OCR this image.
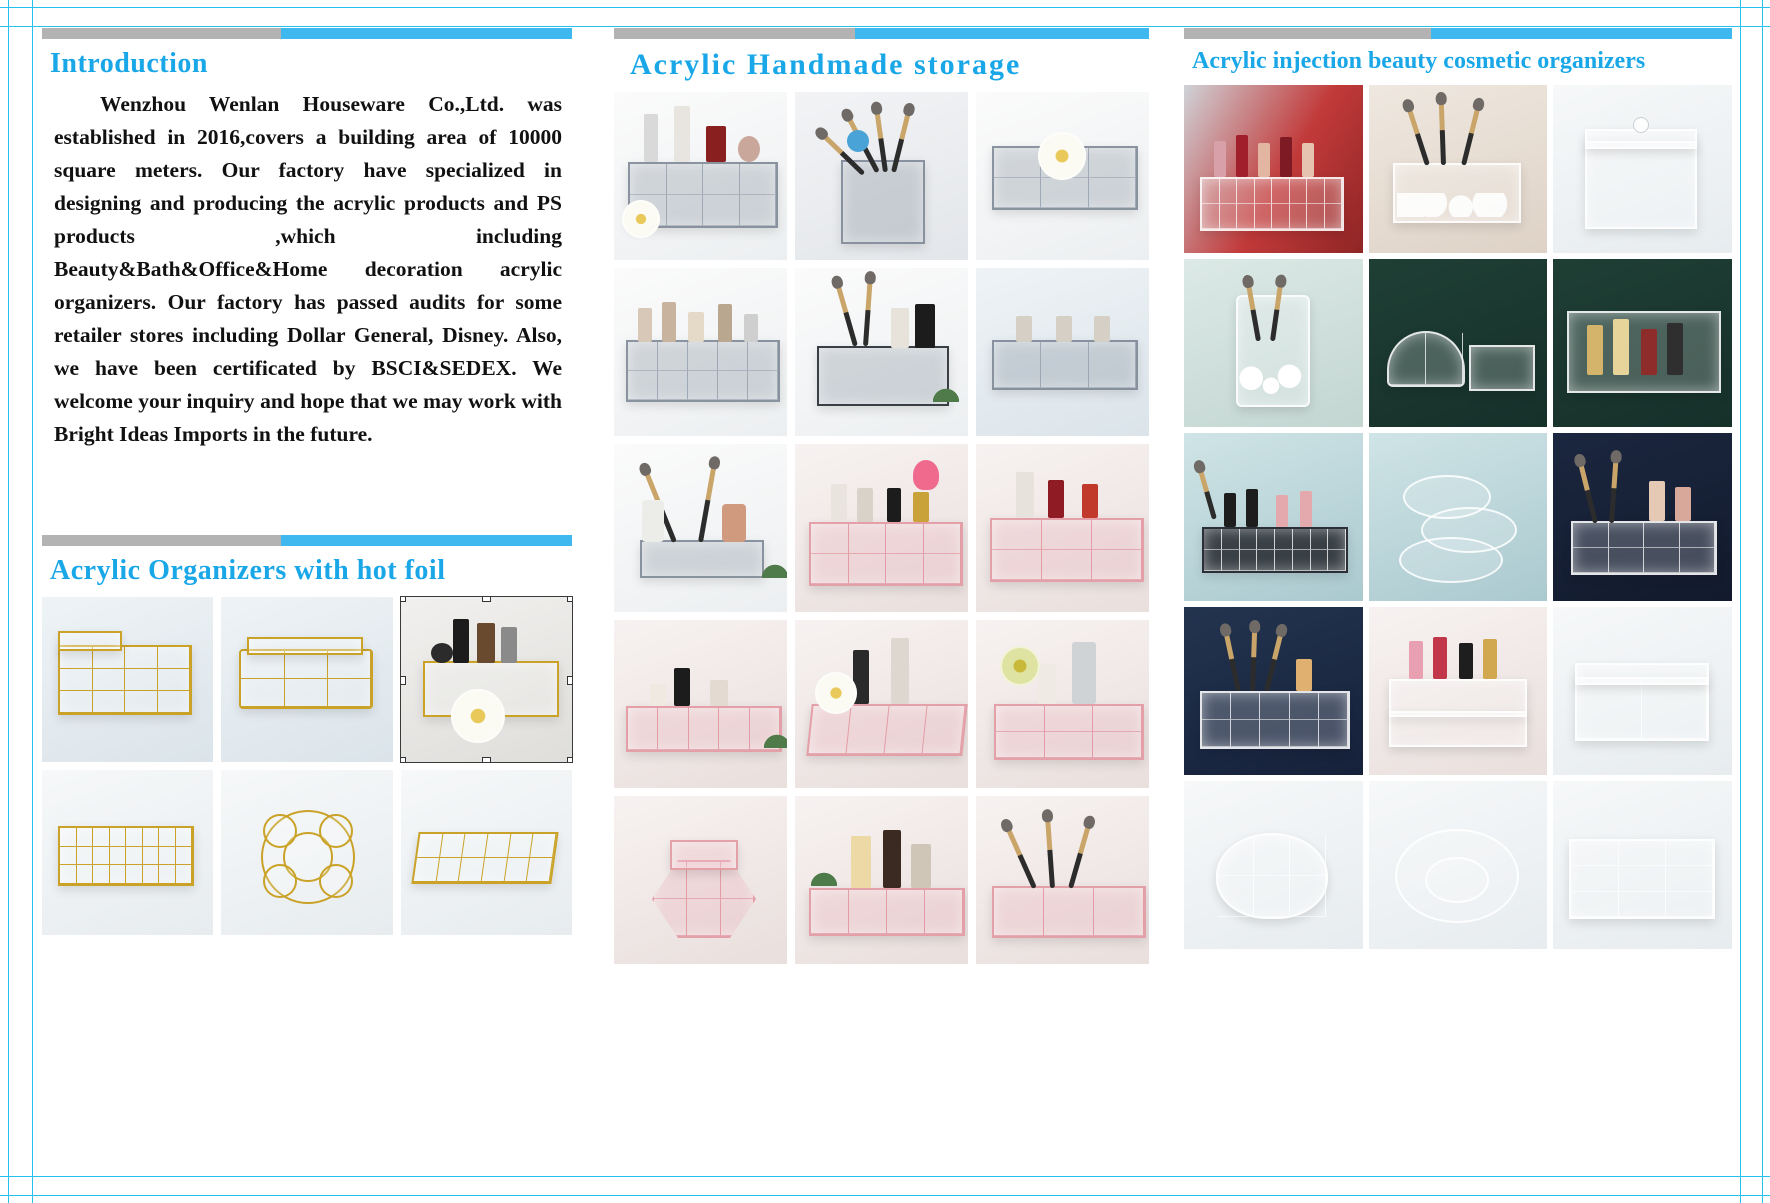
Introduction
Wenzhou Wenlan Houseware Co.,Ltd. was established in 2016,covers a building area of 10000 square meters. Our factory have specialized in designing and producing the acrylic products and PS products ,which including Beauty&Bath&Office&Home decoration acrylic organizers. Our factory has passed audits for some retailer stores including Dollar General, Disney. Also, we have been certificated by BSCI&SEDEX. We welcome your inquiry and hope that we may work with Bright Ideas Imports in the future.
Acrylic Organizers with hot foil
Acrylic Handmade storage	Acrylic injection beauty cosmetic organizers
